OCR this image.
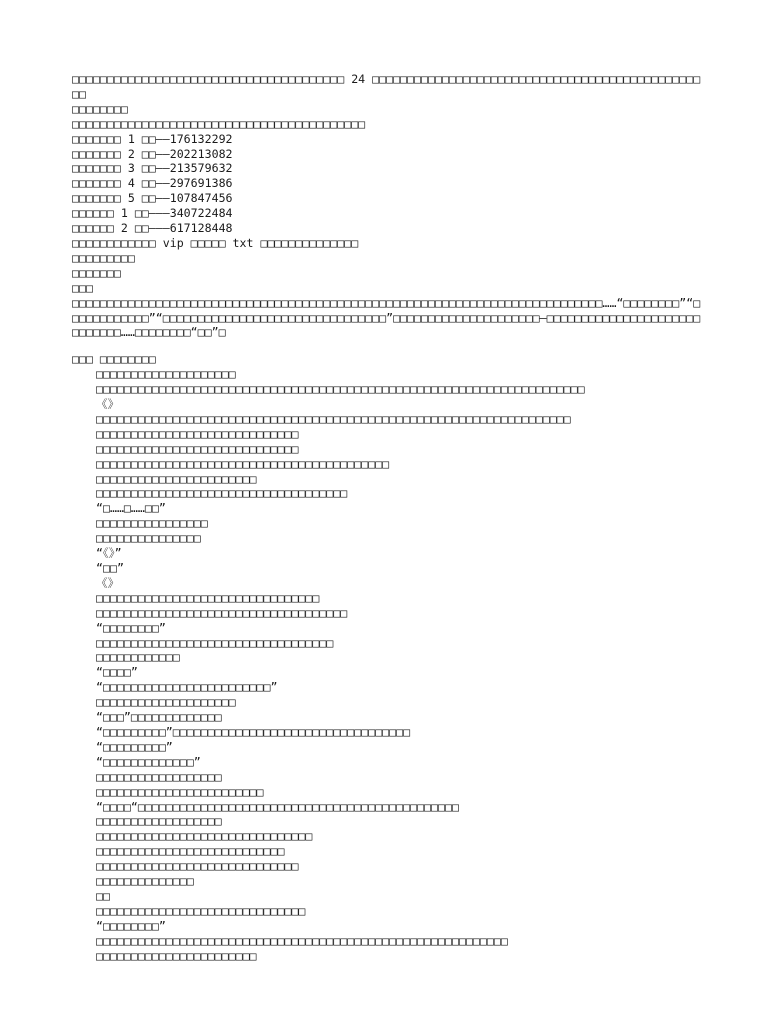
□□□□□□□□□□□□□□□□□□□□□□□□□□□□□□□□□□□□□□□ 24 □□□□□□□□□□□□□□□□□□□□□□□□□□□□□□□□□□□□□□□□□□□□□□□□□
□□□□□□□□
□□□□□□□□□□□□□□□□□□□□□□□□□□□□□□□□□□□□□□□□□□
□□□□□□□ 1 □□——176132292
□□□□□□□ 2 □□——202213082
□□□□□□□ 3 □□——213579632
□□□□□□□ 4 □□——297691386
□□□□□□□ 5 □□——107847456
□□□□□□ 1 □□———340722484
□□□□□□ 2 □□———617128448
□□□□□□□□□□□□ vip □□□□□ txt □□□□□□□□□□□□□□
□□□□□□□□□
□□□□□□□
□□□
□□□□□□□□□□□□□□□□□□□□□□□□□□□□□□□□□□□□□□□□□□□□□□□□□□□□□□□□□□□□□□□□□□□□□□□□□□□□……“□□□□□□□□”“□□□□□□□□□□□□”“□□□□□□□□□□□□□□□□□□□□□□□□□□□□□□□□”□□□□□□□□□□□□□□□□□□□□□—□□□□□□□□□□□□□□□□□□□□□□□□□□□□□……□□□□□□□□“□□”□
□□□ □□□□□□□□
□□□□□□□□□□□□□□□□□□□□
□□□□□□□□□□□□□□□□□□□□□□□□□□□□□□□□□□□□□□□□□□□□□□□□□□□□□□□□□□□□□□□□□□□□□□
《》
□□□□□□□□□□□□□□□□□□□□□□□□□□□□□□□□□□□□□□□□□□□□□□□□□□□□□□□□□□□□□□□□□□□□
□□□□□□□□□□□□□□□□□□□□□□□□□□□□□
□□□□□□□□□□□□□□□□□□□□□□□□□□□□□
□□□□□□□□□□□□□□□□□□□□□□□□□□□□□□□□□□□□□□□□□□
□□□□□□□□□□□□□□□□□□□□□□□
□□□□□□□□□□□□□□□□□□□□□□□□□□□□□□□□□□□□
“□……□……□□”
□□□□□□□□□□□□□□□□
□□□□□□□□□□□□□□□
“《》”
“□□”
《》
□□□□□□□□□□□□□□□□□□□□□□□□□□□□□□□□
□□□□□□□□□□□□□□□□□□□□□□□□□□□□□□□□□□□□
“□□□□□□□□”
□□□□□□□□□□□□□□□□□□□□□□□□□□□□□□□□□□
□□□□□□□□□□□□
“□□□□”
“□□□□□□□□□□□□□□□□□□□□□□□□”
□□□□□□□□□□□□□□□□□□□□
“□□□”□□□□□□□□□□□□□
“□□□□□□□□□”□□□□□□□□□□□□□□□□□□□□□□□□□□□□□□□□□□
“□□□□□□□□□”
“□□□□□□□□□□□□□”
□□□□□□□□□□□□□□□□□□
□□□□□□□□□□□□□□□□□□□□□□□□
“□□□□“□□□□□□□□□□□□□□□□□□□□□□□□□□□□□□□□□□□□□□□□□□□□□□
□□□□□□□□□□□□□□□□□□
□□□□□□□□□□□□□□□□□□□□□□□□□□□□□□□
□□□□□□□□□□□□□□□□□□□□□□□□□□□
□□□□□□□□□□□□□□□□□□□□□□□□□□□□□
□□□□□□□□□□□□□□
□□
□□□□□□□□□□□□□□□□□□□□□□□□□□□□□□
“□□□□□□□□”
□□□□□□□□□□□□□□□□□□□□□□□□□□□□□□□□□□□□□□□□□□□□□□□□□□□□□□□□□□□
□□□□□□□□□□□□□□□□□□□□□□□
